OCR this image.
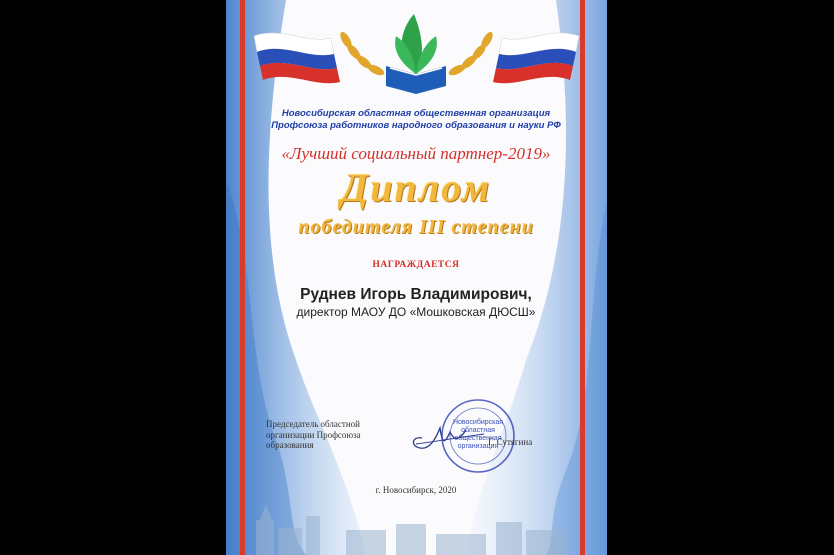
Новосибирская областная общественная организация
Профсоюза работников народного образования и науки РФ
«Лучший социальный партнер-2019»
Диплом
победителя III степени
НАГРАЖДАЕТСЯ
Руднев Игорь Владимирович,
директор МАОУ ДО «Мошковская ДЮСШ»
Председатель областной организации Профсоюза образования
Новосибирская областная общественная организация
Г. Сутягина
г. Новосибирск, 2020
